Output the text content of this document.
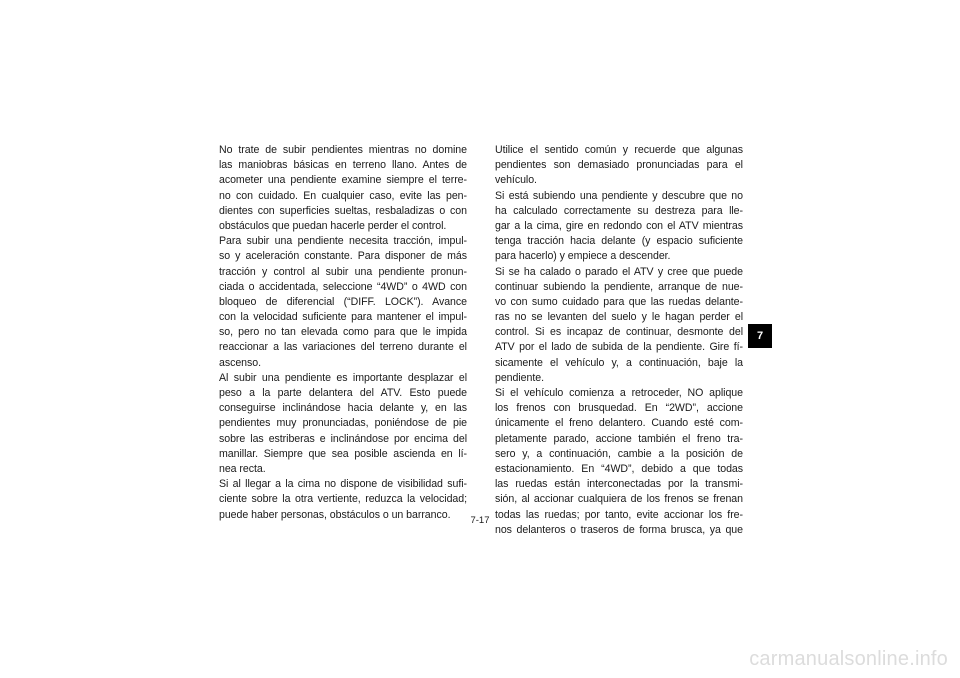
No trate de subir pendientes mientras no domine
las maniobras básicas en terreno llano. Antes de
acometer una pendiente examine siempre el terre-
no con cuidado. En cualquier caso, evite las pen-
dientes con superficies sueltas, resbaladizas o con
obstáculos que puedan hacerle perder el control.
Para subir una pendiente necesita tracción, impul-
so y aceleración constante. Para disponer de más
tracción y control al subir una pendiente pronun-
ciada o accidentada, seleccione “4WD” o 4WD con
bloqueo de diferencial (“DIFF. LOCK”). Avance
con la velocidad suficiente para mantener el impul-
so, pero no tan elevada como para que le impida
reaccionar a las variaciones del terreno durante el
ascenso.
Al subir una pendiente es importante desplazar el
peso a la parte delantera del ATV. Esto puede
conseguirse inclinándose hacia delante y, en las
pendientes muy pronunciadas, poniéndose de pie
sobre las estriberas e inclinándose por encima del
manillar. Siempre que sea posible ascienda en lí-
nea recta.
Si al llegar a la cima no dispone de visibilidad sufi-
ciente sobre la otra vertiente, reduzca la velocidad;
puede haber personas, obstáculos o un barranco.
Utilice el sentido común y recuerde que algunas
pendientes son demasiado pronunciadas para el
vehículo.
Si está subiendo una pendiente y descubre que no
ha calculado correctamente su destreza para lle-
gar a la cima, gire en redondo con el ATV mientras
tenga tracción hacia delante (y espacio suficiente
para hacerlo) y empiece a descender.
Si se ha calado o parado el ATV y cree que puede
continuar subiendo la pendiente, arranque de nue-
vo con sumo cuidado para que las ruedas delante-
ras no se levanten del suelo y le hagan perder el
control. Si es incapaz de continuar, desmonte del
ATV por el lado de subida de la pendiente. Gire fí-
sicamente el vehículo y, a continuación, baje la
pendiente.
Si el vehículo comienza a retroceder, NO aplique
los frenos con brusquedad. En “2WD”, accione
únicamente el freno delantero. Cuando esté com-
pletamente parado, accione también el freno tra-
sero y, a continuación, cambie a la posición de
estacionamiento. En “4WD”, debido a que todas
las ruedas están interconectadas por la transmi-
sión, al accionar cualquiera de los frenos se frenan
todas las ruedas; por tanto, evite accionar los fre-
nos delanteros o traseros de forma brusca, ya que
7
7-17
carmanualsonline.info
